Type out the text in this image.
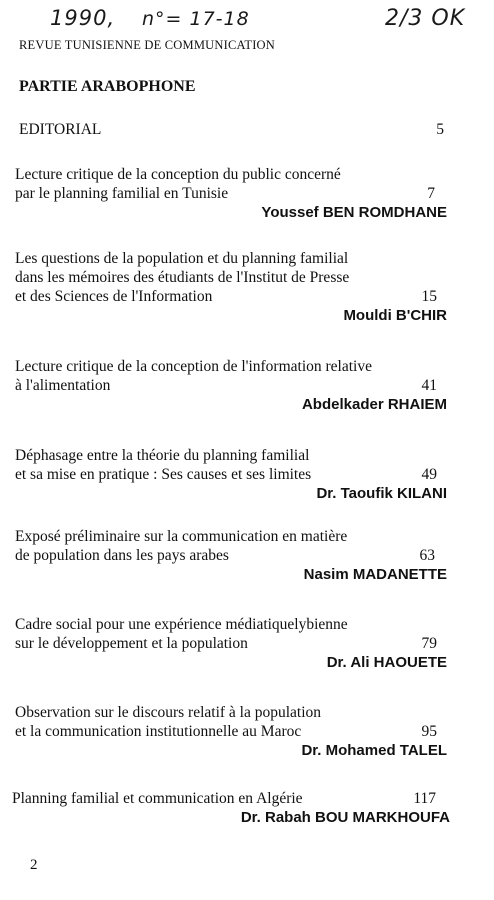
1990, n°= 17-18	2/3 OK
REVUE TUNISIENNE DE COMMUNICATION
PARTIE ARABOPHONE
EDITORIAL	5
Lecture critique de la conception du public concerné
par le planning familial en Tunisie	7
Youssef BEN ROMDHANE
Les questions de la population et du planning familial
dans les mémoires des étudiants de l'Institut de Presse
et des Sciences de l'Information	15
Mouldi B'CHIR
Lecture critique de la conception de l'information relative
à l'alimentation	41
Abdelkader RHAIEM
Déphasage entre la théorie du planning familial
et sa mise en pratique : Ses causes et ses limites	49
Dr. Taoufik KILANI
Exposé préliminaire sur la communication en matière
de population dans les pays arabes	63
Nasim MADANETTE
Cadre social pour une expérience médiatiquelybienne
sur le développement et la population	79
Dr. Ali HAOUETE
Observation sur le discours relatif à la population
et la communication institutionnelle au Maroc	95
Dr. Mohamed TALEL
Planning familial et communication en Algérie	117
Dr. Rabah BOU MARKHOUFA
2
